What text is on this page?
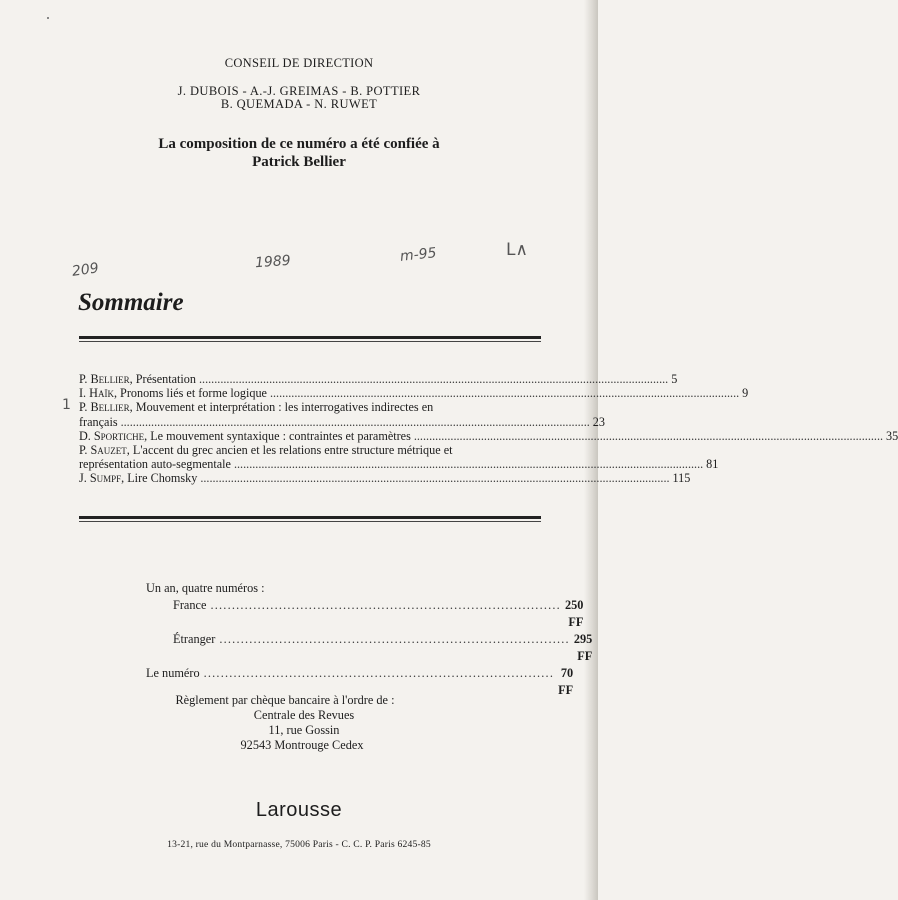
CONSEIL DE DIRECTION
J. DUBOIS - A.-J. GREIMAS - B. POTTIER
B. QUEMADA - N. RUWET
La composition de ce numéro a été confiée à
Patrick Bellier
209	1989	m-95	L∧
1
Sommaire
P. Bellier, Présentation .......................................................................................................................................................... 5
I. Haïk, Pronoms liés et forme logique .......................................................................................................................................................... 9
P. Bellier, Mouvement et interprétation : les interrogatives indirectes en
français .......................................................................................................................................................... 23
D. Sportiche, Le mouvement syntaxique : contraintes et paramètres .......................................................................................................................................................... 35
P. Sauzet, L'accent du grec ancien et les relations entre structure métrique et
représentation auto-segmentale .......................................................................................................................................................... 81
J. Sumpf, Lire Chomsky .......................................................................................................................................................... 115
Un an, quatre numéros :
France .................................................................................. 250 FF
Étranger .................................................................................. 295 FF
Le numéro .................................................................................. 70 FF
Règlement par chèque bancaire à l'ordre de :
Centrale des Revues
11, rue Gossin
92543 Montrouge Cedex
Larousse
13-21, rue du Montparnasse, 75006 Paris - C. C. P. Paris 6245-85
